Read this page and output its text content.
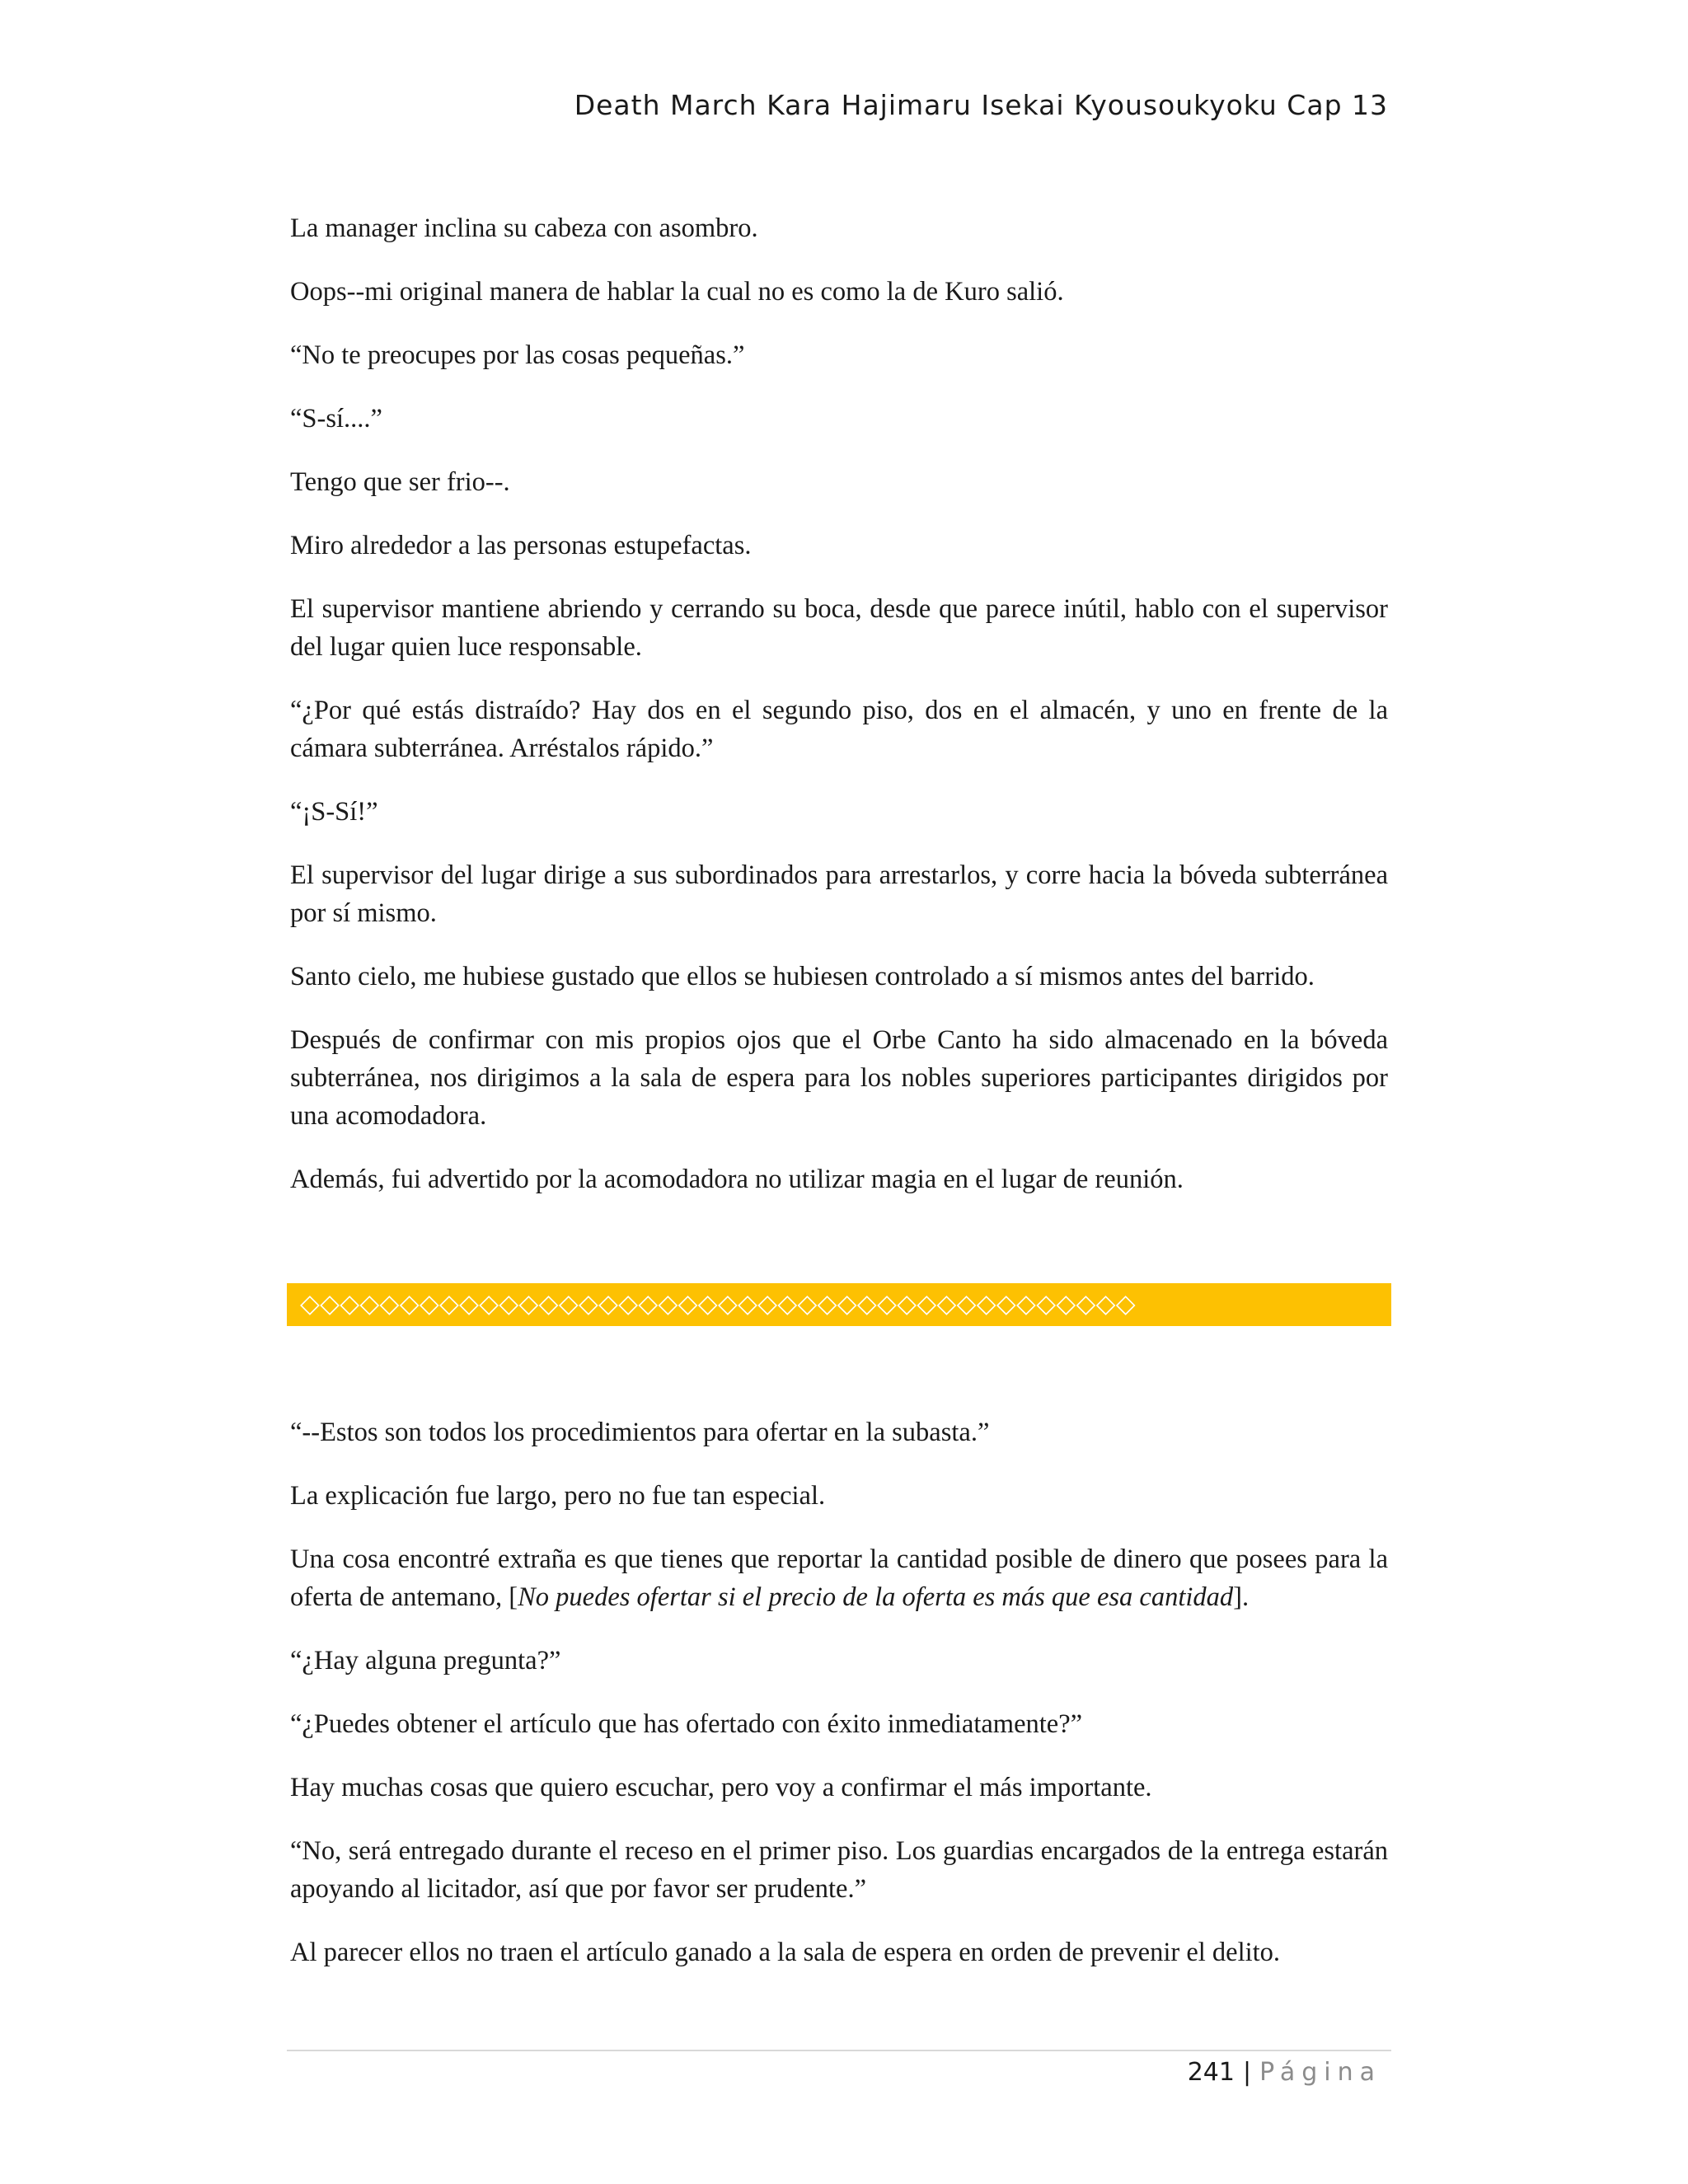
Death March Kara Hajimaru Isekai Kyousoukyoku Cap 13

La manager inclina su cabeza con asombro.

Oops--mi original manera de hablar la cual no es como la de Kuro salió.

“No te preocupes por las cosas pequeñas.”

“S-sí....”

Tengo que ser frio--.

Miro alrededor a las personas estupefactas.

El supervisor mantiene abriendo y cerrando su boca, desde que parece inútil, hablo con el supervisor del lugar quien luce responsable.

“¿Por qué estás distraído? Hay dos en el segundo piso, dos en el almacén, y uno en frente de la cámara subterránea. Arréstalos rápido.”

“¡S-Sí!”

El supervisor del lugar dirige a sus subordinados para arrestarlos, y corre hacia la bóveda subterránea por sí mismo.

Santo cielo, me hubiese gustado que ellos se hubiesen controlado a sí mismos antes del barrido.

Después de confirmar con mis propios ojos que el Orbe Canto ha sido almacenado en la bóveda subterránea, nos dirigimos a la sala de espera para los nobles superiores participantes dirigidos por una acomodadora.

Además, fui advertido por la acomodadora no utilizar magia en el lugar de reunión.

◇◇◇◇◇◇◇◇◇◇◇◇◇◇◇◇◇◇◇◇◇◇◇◇◇◇◇◇◇◇◇◇◇◇◇◇◇◇◇◇◇◇

“--Estos son todos los procedimientos para ofertar en la subasta.”

La explicación fue largo, pero no fue tan especial.

Una cosa encontré extraña es que tienes que reportar la cantidad posible de dinero que posees para la oferta de antemano, [No puedes ofertar si el precio de la oferta es más que esa cantidad].

“¿Hay alguna pregunta?”

“¿Puedes obtener el artículo que has ofertado con éxito inmediatamente?”

Hay muchas cosas que quiero escuchar, pero voy a confirmar el más importante.

“No, será entregado durante el receso en el primer piso. Los guardias encargados de la entrega estarán apoyando al licitador, así que por favor ser prudente.”

Al parecer ellos no traen el artículo ganado a la sala de espera en orden de prevenir el delito.

241 | Página
